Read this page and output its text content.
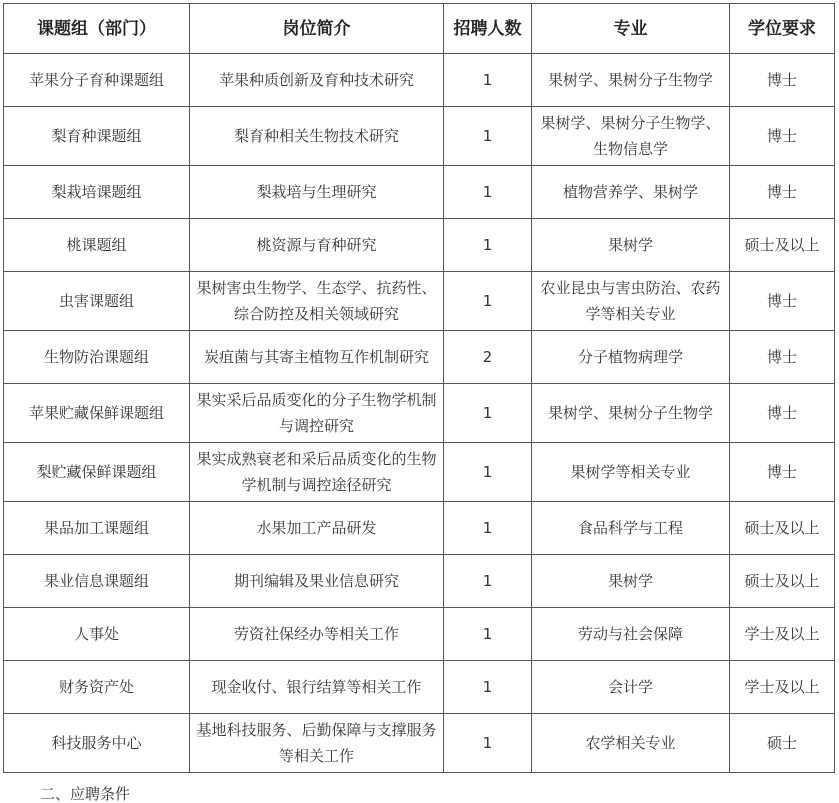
课题组（部门）	岗位简介	招聘人数	专业	学位要求
苹果分子育种课题组	苹果种质创新及育种技术研究	1	果树学、果树分子生物学	博士
梨育种课题组	梨育种相关生物技术研究	1	果树学、果树分子生物学、生物信息学	博士
梨栽培课题组	梨栽培与生理研究	1	植物营养学、果树学	博士
桃课题组	桃资源与育种研究	1	果树学	硕士及以上
虫害课题组	果树害虫生物学、生态学、抗药性、综合防控及相关领域研究	1	农业昆虫与害虫防治、农药学等相关专业	博士
生物防治课题组	炭疽菌与其寄主植物互作机制研究	2	分子植物病理学	博士
苹果贮藏保鲜课题组	果实采后品质变化的分子生物学机制与调控研究	1	果树学、果树分子生物学	博士
梨贮藏保鲜课题组	果实成熟衰老和采后品质变化的生物学机制与调控途径研究	1	果树学等相关专业	博士
果品加工课题组	水果加工产品研发	1	食品科学与工程	硕士及以上
果业信息课题组	期刊编辑及果业信息研究	1	果树学	硕士及以上
人事处	劳资社保经办等相关工作	1	劳动与社会保障	学士及以上
财务资产处	现金收付、银行结算等相关工作	1	会计学	学士及以上
科技服务中心	基地科技服务、后勤保障与支撑服务等相关工作	1	农学相关专业	硕士
二、应聘条件
